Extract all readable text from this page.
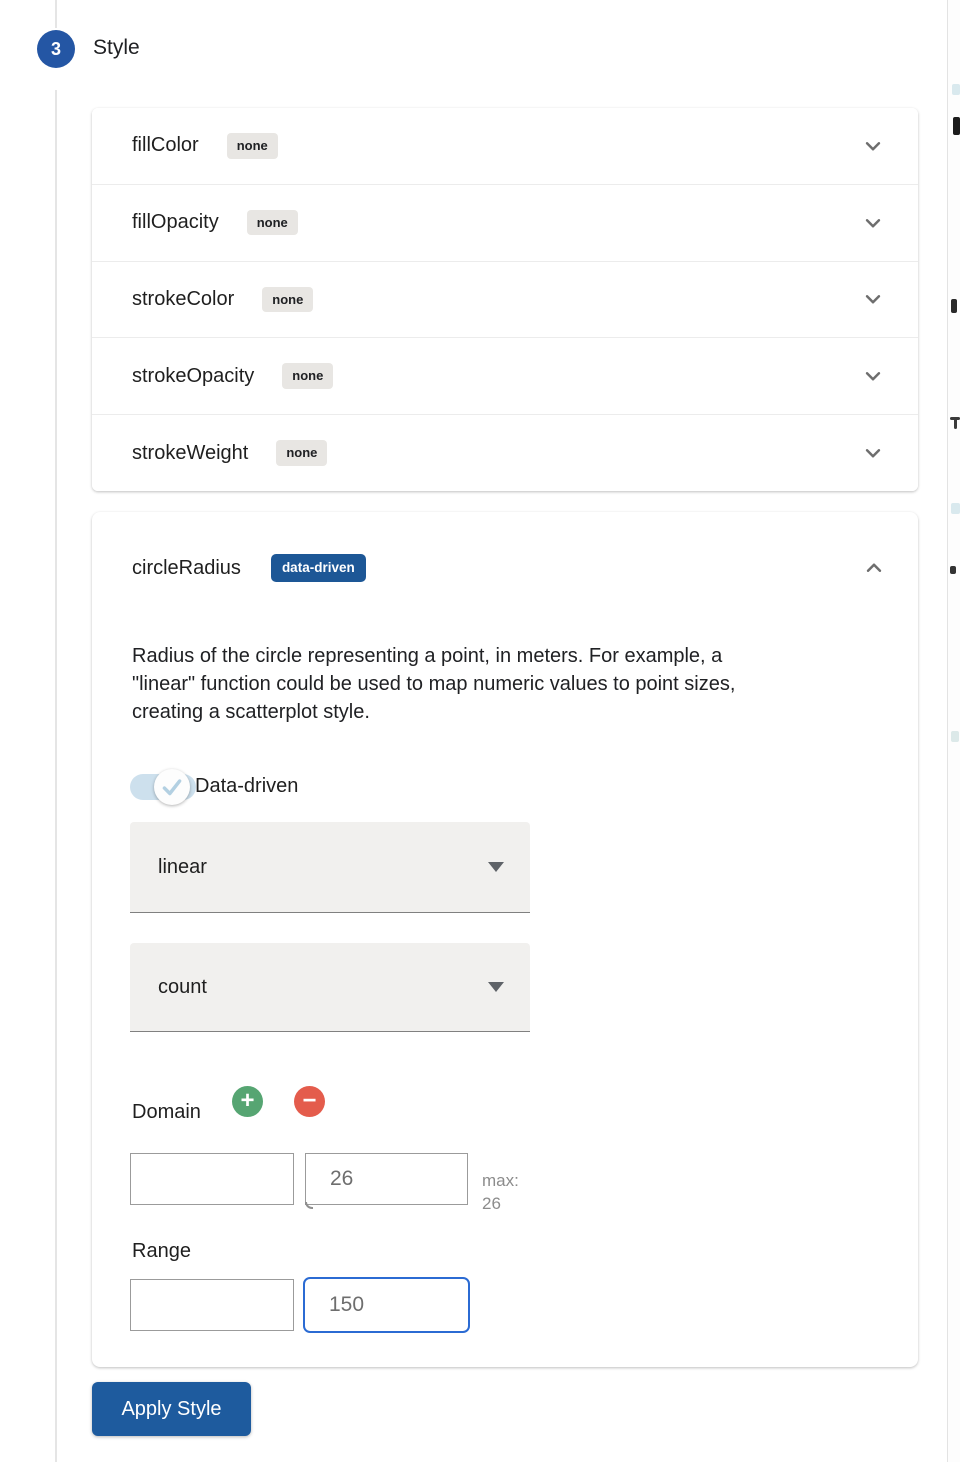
3 Style
fillColor	none
fillOpacity	none
strokeColor	none
strokeOpacity	none
strokeWeight	none
circleRadius	data-driven
Radius of the circle representing a point, in meters. For example, a
"linear" function could be used to map numeric values to point sizes,
creating a scatterplot style.
Data-driven
linear
count
Domain + −
26
max:
26
Range
150
Apply Style
